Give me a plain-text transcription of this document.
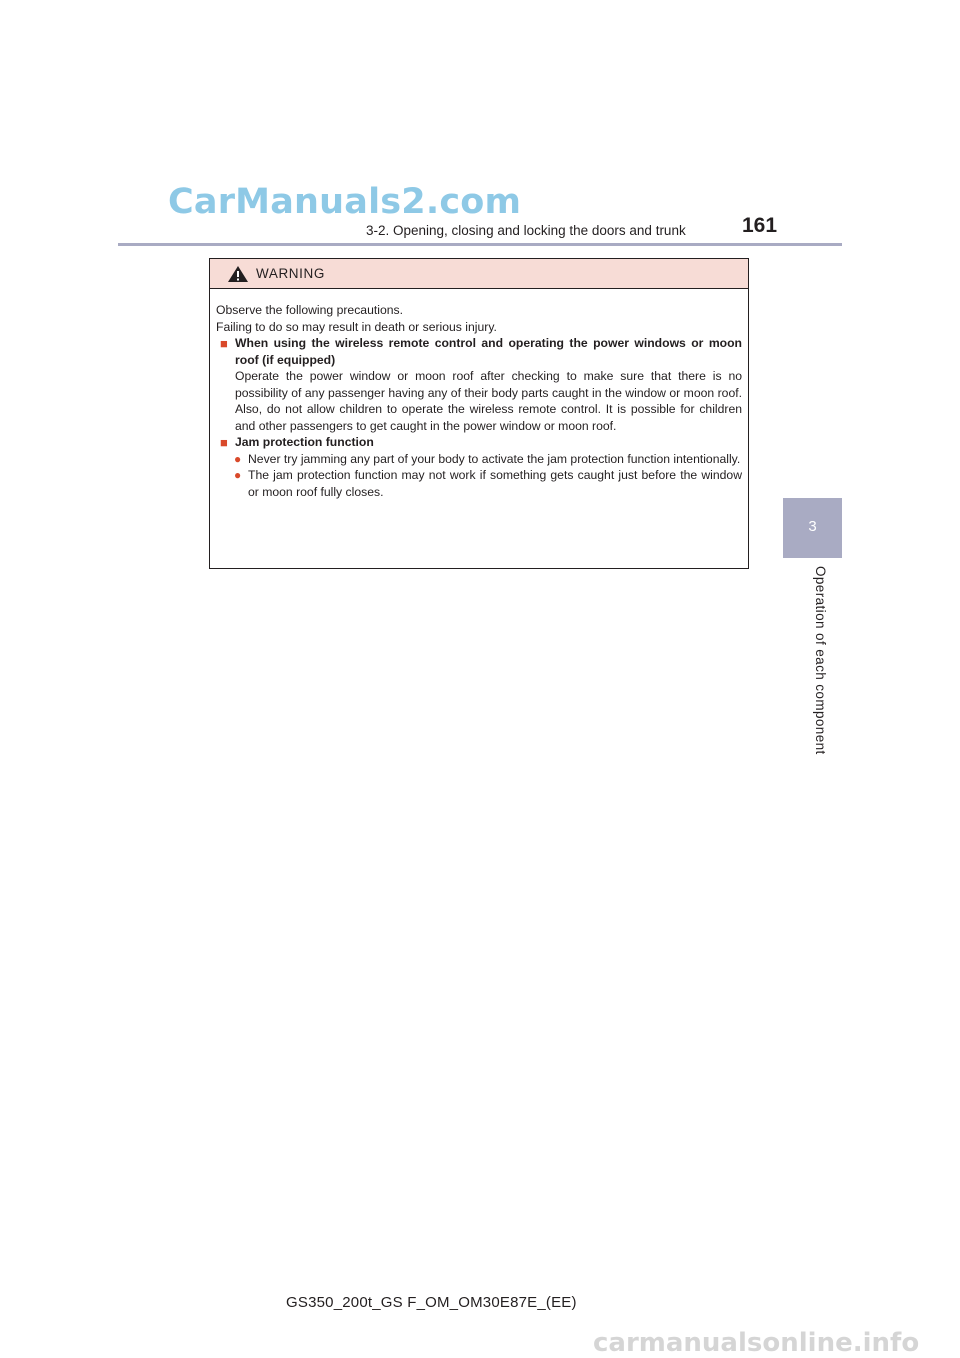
CarManuals2.com
3-2. Opening, closing and locking the doors and trunk	161
3
Operation of each component
WARNING

Observe the following precautions.

Failing to do so may result in death or serious injury.

■ When using the wireless remote control and operating the power windows or moon roof (if equipped)

Operate the power window or moon roof after checking to make sure that there is no possibility of any passenger having any of their body parts caught in the window or moon roof. Also, do not allow children to operate the wireless remote control. It is possible for children and other passengers to get caught in the power window or moon roof.

■ Jam protection function

● Never try jamming any part of your body to activate the jam protection function intentionally.

● The jam protection function may not work if something gets caught just before the window or moon roof fully closes.

GS350_200t_GS F_OM_OM30E87E_(EE)
carmanualsonline.info
